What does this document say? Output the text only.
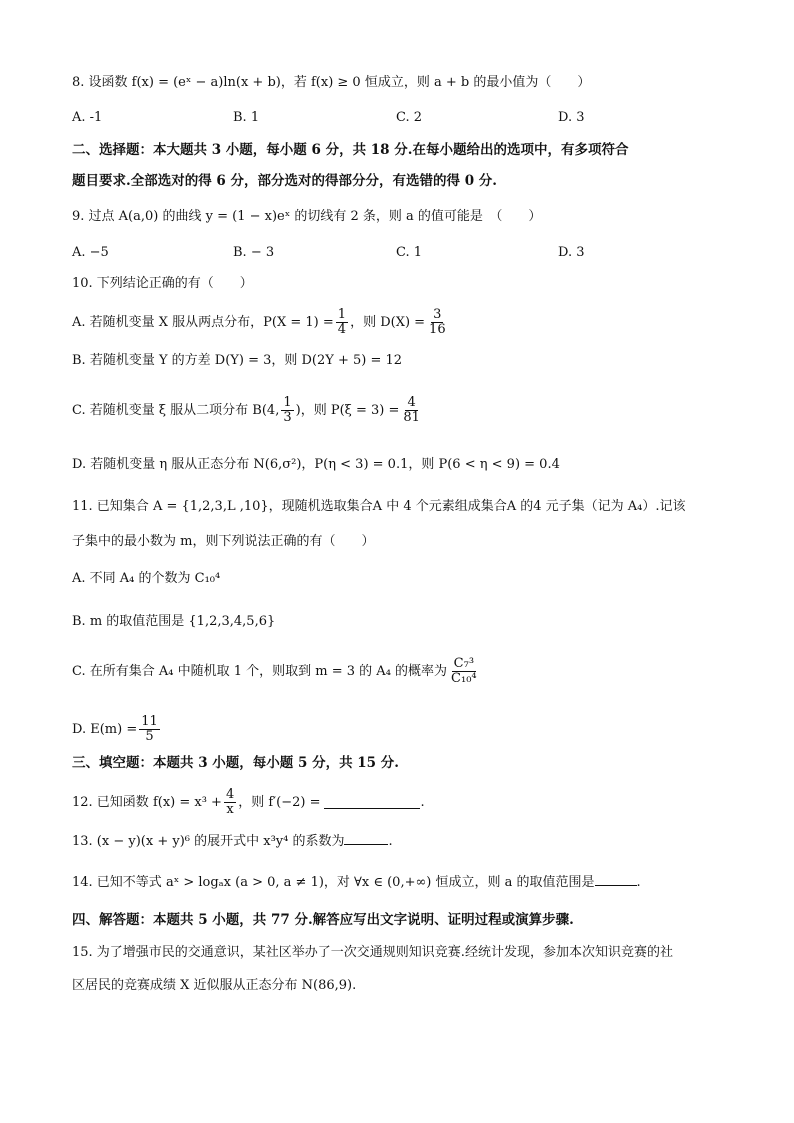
8. 设函数 f(x) = (eˣ − a)ln(x + b)，若 f(x) ≥ 0 恒成立，则 a + b 的最小值为（　　）
A. -1	B. 1	C. 2	D. 3
二、选择题：本大题共 3 小题，每小题 6 分，共 18 分.在每小题给出的选项中，有多项符合
题目要求.全部选对的得 6 分，部分选对的得部分分，有选错的得 0 分.
9. 过点 A(a,0) 的曲线 y = (1 − x)eˣ 的切线有 2 条，则 a 的值可能是　（　　）
A. −5	B. − 3	C. 1	D. 3
10. 下列结论正确的有（　　）
A. 若随机变量 X 服从两点分布，$P(X = 1) = \frac{1}{4}$ ，则 $D(X) = \frac{3}{16}$
B. 若随机变量 Y 的方差 D(Y) = 3，则 D(2Y + 5) = 12
C. 若随机变量 ξ 服从二项分布 B(4, $\frac{1}{3}$ )，则 $P(\xi = 3) = \frac{4}{81}$
D. 若随机变量 η 服从正态分布 N(6,σ²)，P(η < 3) = 0.1，则 P(6 < η < 9) = 0.4
11. 已知集合 A = {1,2,3,L ,10}，现随机选取集合A 中 4 个元素组成集合A 的4 元子集（记为 A₄）.记该
子集中的最小数为 m，则下列说法正确的有（　　）
A. 不同 A₄ 的个数为 C₁₀⁴
B. m 的取值范围是 {1,2,3,4,5,6}
C. 在所有集合 A₄ 中随机取 1 个，则取到 m = 3 的 A₄ 的概率为 $\frac{\text{C₇³}}{\text{C₁₀⁴}}$
D. $E(m) = \frac{11}{5}$
三、填空题：本题共 3 小题，每小题 5 分，共 15 分.
12. 已知函数 $f(x) = x^3 + \frac{4}{x}$ ，则 f′(−2) =	.
13. (x − y)(x + y)⁶ 的展开式中 x³y⁴ 的系数为	.
14. 已知不等式 aˣ > logₐx (a > 0, a ≠ 1)，对 ∀x ∈ (0,+∞) 恒成立，则 a 的取值范围是	.
四、解答题：本题共 5 小题，共 77 分.解答应写出文字说明、证明过程或演算步骤.
15. 为了增强市民的交通意识，某社区举办了一次交通规则知识竞赛.经统计发现，参加本次知识竞赛的社
区居民的竞赛成绩 X 近似服从正态分布 N(86,9).
